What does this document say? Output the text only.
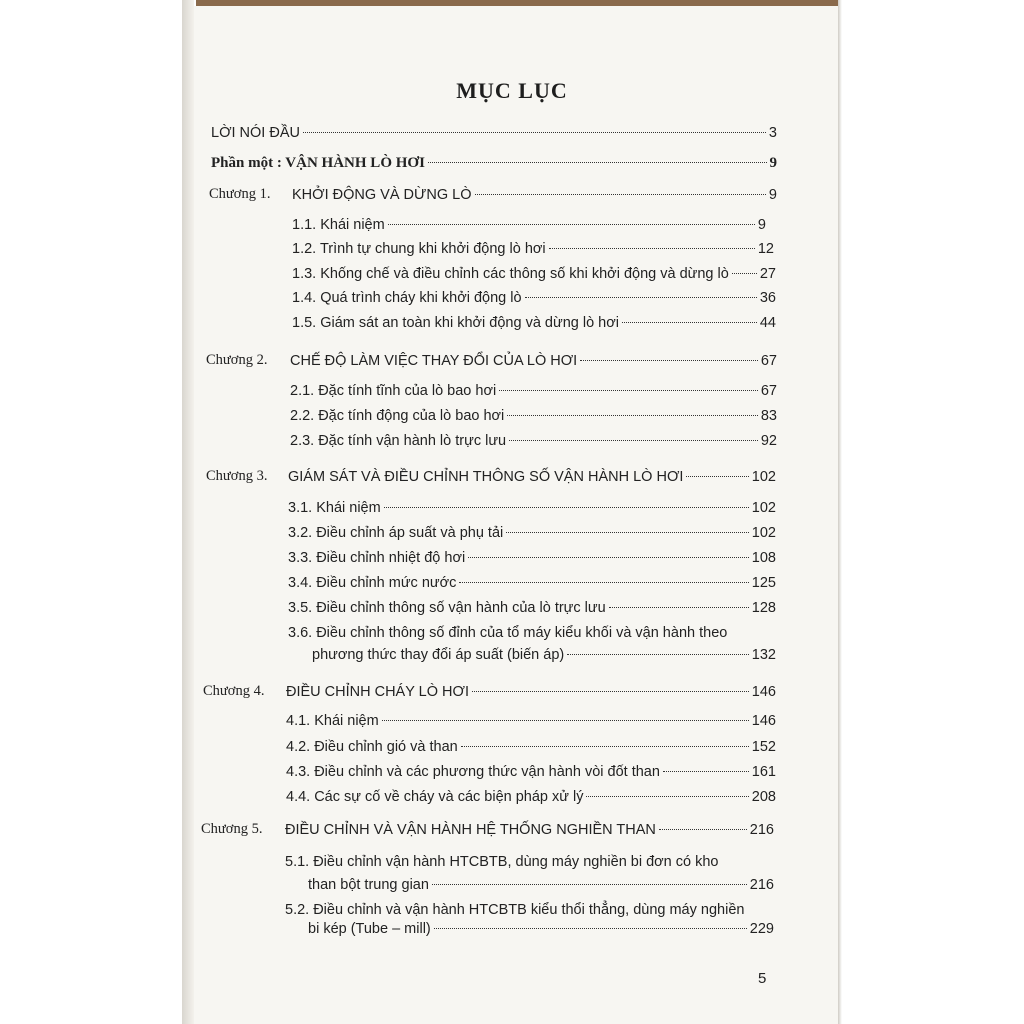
MỤC LỤC
LỜI NÓI ĐẦU	3
Phần một : VẬN HÀNH LÒ HƠI	9
Chương 1. KHỞI ĐỘNG VÀ DỪNG LÒ	9
1.1. Khái niệm	9
1.2. Trình tự chung khi khởi động lò hơi	12
1.3. Khống chế và điều chỉnh các thông số khi khởi động và dừng lò 27
1.4. Quá trình cháy khi khởi động lò	36
1.5. Giám sát an toàn khi khởi động và dừng lò hơi	44
Chương 2. CHẾ ĐỘ LÀM VIỆC THAY ĐỔI CỦA LÒ HƠI	67
2.1. Đặc tính tĩnh của lò bao hơi	67
2.2. Đặc tính động của lò bao hơi	83
2.3. Đặc tính vận hành lò trực lưu	92
Chương 3. GIÁM SÁT VÀ ĐIỀU CHỈNH THÔNG SỐ VẬN HÀNH LÒ HƠI	102
3.1. Khái niệm	102
3.2. Điều chỉnh áp suất và phụ tải	102
3.3. Điều chỉnh nhiệt độ hơi	108
3.4. Điều chỉnh mức nước	125
3.5. Điều chỉnh thông số vận hành của lò trực lưu	128
3.6. Điều chỉnh thông số đỉnh của tổ máy kiểu khối và vận hành theo
phương thức thay đổi áp suất (biến áp)	132
Chương 4. ĐIỀU CHỈNH CHÁY LÒ HƠI	146
4.1. Khái niệm	146
4.2. Điều chỉnh gió và than	152
4.3. Điều chỉnh và các phương thức vận hành vòi đốt than	161
4.4. Các sự cố về cháy và các biện pháp xử lý	208
Chương 5. ĐIỀU CHỈNH VÀ VẬN HÀNH HỆ THỐNG NGHIỀN THAN	216
5.1. Điều chỉnh vận hành HTCBTB, dùng máy nghiền bi đơn có kho
than bột trung gian	216
5.2. Điều chỉnh và vận hành HTCBTB kiểu thổi thẳng, dùng máy nghiền
bi kép (Tube – mill)	229
5
